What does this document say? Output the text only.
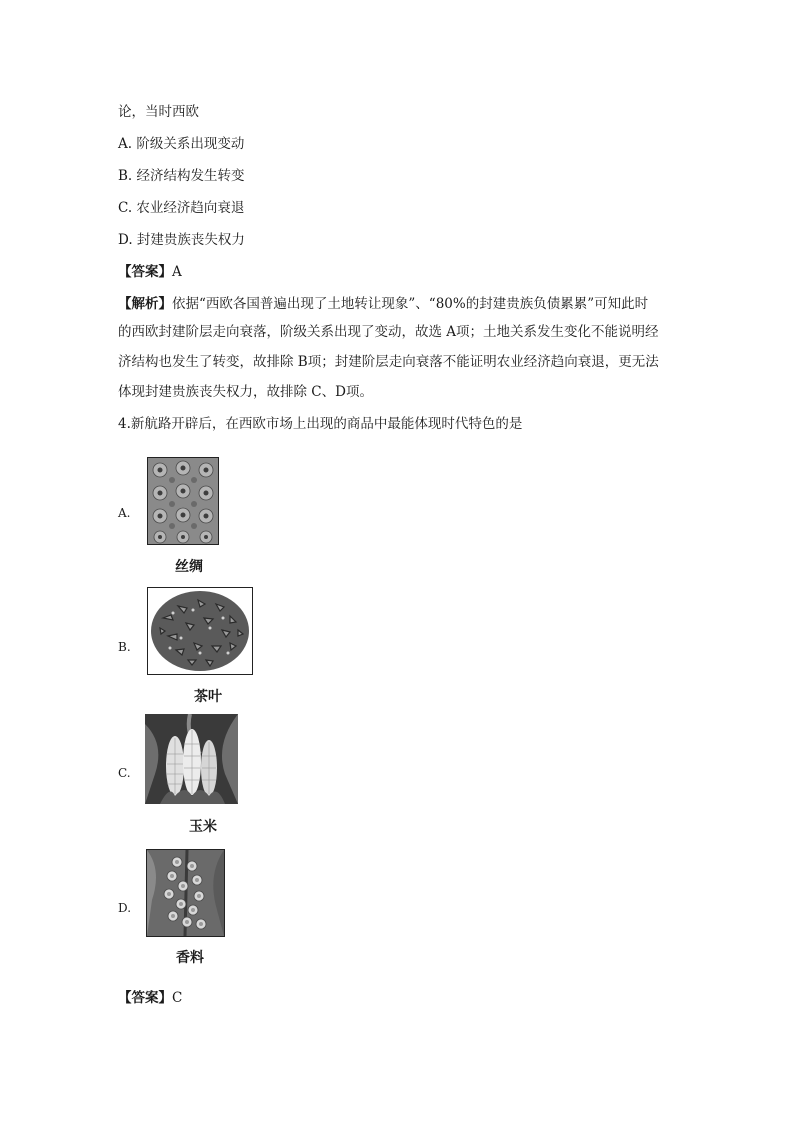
论，当时西欧
A. 阶级关系出现变动
B. 经济结构发生转变
C. 农业经济趋向衰退
D. 封建贵族丧失权力
【答案】A
【解析】依据“西欧各国普遍出现了土地转让现象”、“80%的封建贵族负债累累”可知此时
的西欧封建阶层走向衰落，阶级关系出现了变动，故选 A项；土地关系发生变化不能说明经
济结构也发生了转变，故排除 B项；封建阶层走向衰落不能证明农业经济趋向衰退，更无法
体现封建贵族丧失权力，故排除 C、D项。
4.新航路开辟后，在西欧市场上出现的商品中最能体现时代特色的是
A.
丝绸
B.
茶叶
C.
玉米
D.
香料
【答案】C
